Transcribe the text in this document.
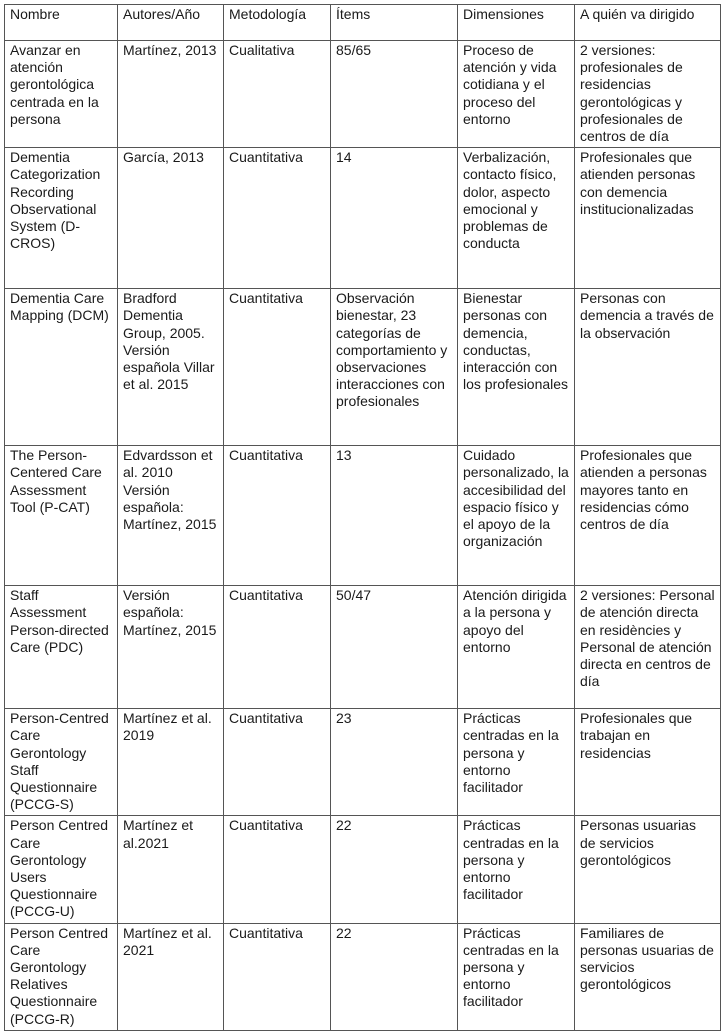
Nombre	Autores/Año	Metodología	Ítems	Dimensiones	A quién va dirigido
Avanzar en atención gerontológica centrada en la persona	Martínez, 2013	Cualitativa	85/65	Proceso de atención y vida cotidiana y el proceso del entorno	2 versiones: profesionales de residencias gerontológicas y profesionales de centros de día
Dementia Categorization Recording Observational System (D-CROS)	García, 2013	Cuantitativa	14	Verbalización, contacto físico, dolor, aspecto emocional y problemas de conducta	Profesionales que atienden personas con demencia institucionalizadas
Dementia Care Mapping (DCM)	Bradford Dementia Group, 2005. Versión española Villar et al. 2015	Cuantitativa	Observación bienestar, 23 categorías de comportamiento y observaciones interacciones con profesionales	Bienestar personas con demencia, conductas, interacción con los profesionales	Personas con demencia a través de la observación
The Person-Centered Care Assessment Tool (P-CAT)	Edvardsson et al. 2010 Versión española: Martínez, 2015	Cuantitativa	13	Cuidado personalizado, la accesibilidad del espacio físico y el apoyo de la organización	Profesionales que atienden a personas mayores tanto en residencias cómo centros de día
Staff Assessment Person-directed Care (PDC)	Versión española: Martínez, 2015	Cuantitativa	50/47	Atención dirigida a la persona y apoyo del entorno	2 versiones: Personal de atención directa en residències y Personal de atención directa en centros de día
Person-Centred Care Gerontology Staff Questionnaire (PCCG-S)	Martínez et al. 2019	Cuantitativa	23	Prácticas centradas en la persona y entorno facilitador	Profesionales que trabajan en residencias
Person Centred Care Gerontology Users Questionnaire (PCCG-U)	Martínez et al.2021	Cuantitativa	22	Prácticas centradas en la persona y entorno facilitador	Personas usuarias de servicios gerontológicos
Person Centred Care Gerontology Relatives Questionnaire (PCCG-R)	Martínez et al. 2021	Cuantitativa	22	Prácticas centradas en la persona y entorno facilitador	Familiares de personas usuarias de servicios gerontológicos
